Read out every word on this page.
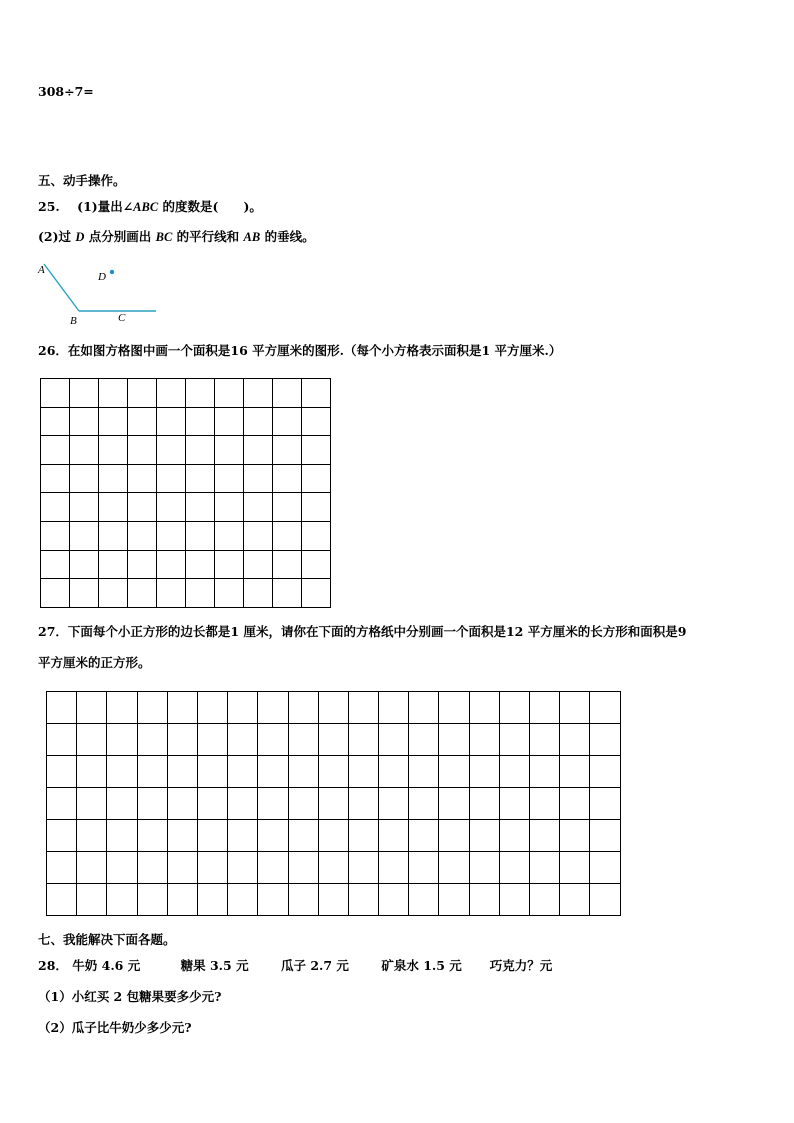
308÷7=
五、动手操作。
25. (1)量出∠ABC 的度数是(　　)。
(2)过 D 点分别画出 BC 的平行线和 AB 的垂线。
A
B	C
D
26．在如图方格图中画一个面积是16 平方厘米的图形.（每个小方格表示面积是1 平方厘米.）

27．下面每个小正方形的边长都是1 厘米，请你在下面的方格纸中分别画一个面积是12 平方厘米的长方形和面积是9
平方厘米的正方形。

七、我能解决下面各题。
28． 牛奶 4.6 元	糖果 3.5 元	瓜子 2.7 元	矿泉水 1.5 元 巧克力？元
（1）小红买 2 包糖果要多少元?
（2）瓜子比牛奶少多少元?
